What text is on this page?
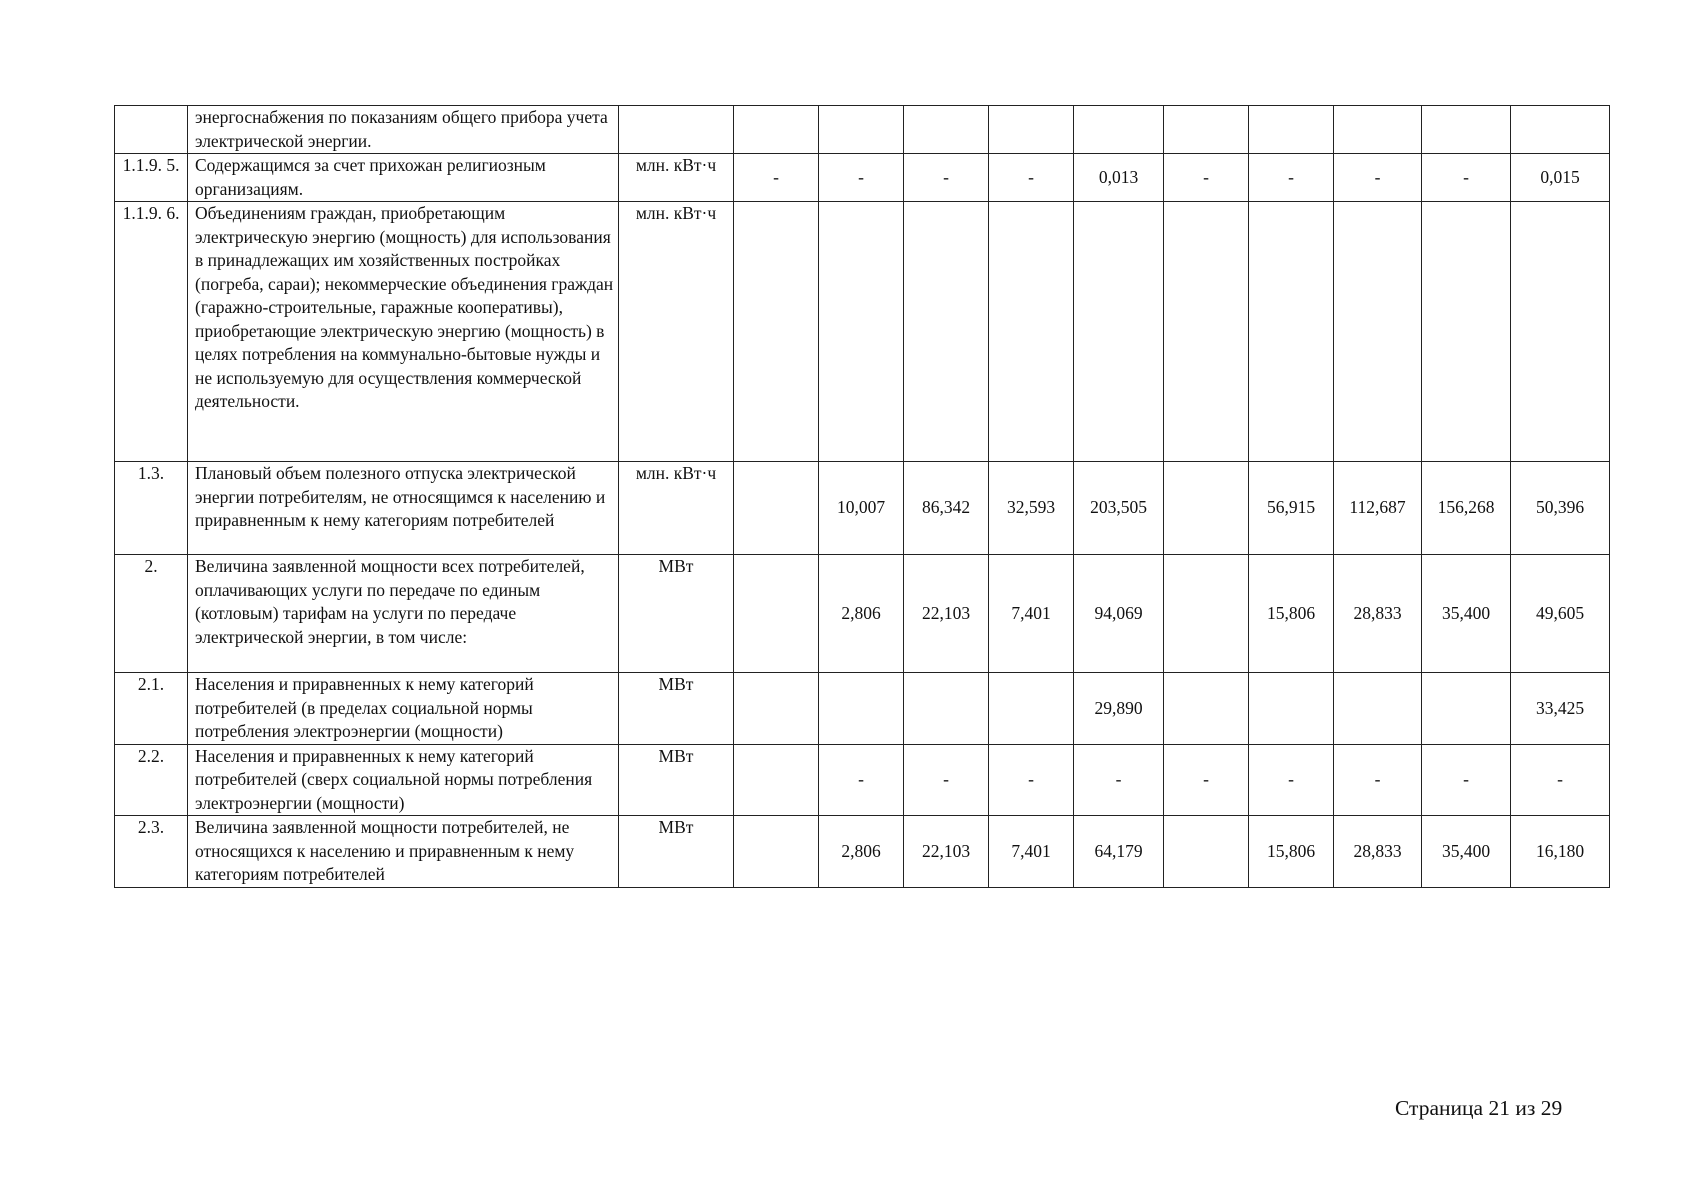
	энергоснабжения по показаниям общего прибора учета электрической энергии.											
1.1.9. 5.	Содержащимся за счет прихожан религиозным организациям.	млн. кВт·ч	-	-	-	-	0,013	-	-	-	-	0,015
1.1.9. 6.	Объединениям граждан, приобретающим электрическую энергию (мощность) для использования в принадлежащих им хозяйственных постройках (погреба, сараи); некоммерческие объединения граждан (гаражно-строительные, гаражные кооперативы), приобретающие электрическую энергию (мощность) в целях потребления на коммунально-бытовые нужды и не используемую для осуществления коммерческой деятельности.	млн. кВт·ч										
1.3.	Плановый объем полезного отпуска электрической энергии потребителям, не относящимся к населению и приравненным к нему категориям потребителей	млн. кВт·ч		10,007	86,342	32,593	203,505		56,915	112,687	156,268	50,396
2.	Величина заявленной мощности всех потребителей, оплачивающих услуги по передаче по единым (котловым) тарифам на услуги по передаче электрической энергии, в том числе:	МВт		2,806	22,103	7,401	94,069		15,806	28,833	35,400	49,605
2.1.	Населения и приравненных к нему категорий потребителей (в пределах социальной нормы потребления электроэнергии (мощности)	МВт					29,890					33,425
2.2.	Населения и приравненных к нему категорий потребителей (сверх социальной нормы потребления электроэнергии (мощности)	МВт		-	-	-	-	-	-	-	-	-
2.3.	Величина заявленной мощности потребителей, не относящихся к населению и приравненным к нему категориям потребителей	МВт		2,806	22,103	7,401	64,179		15,806	28,833	35,400	16,180
Страница 21 из 29
